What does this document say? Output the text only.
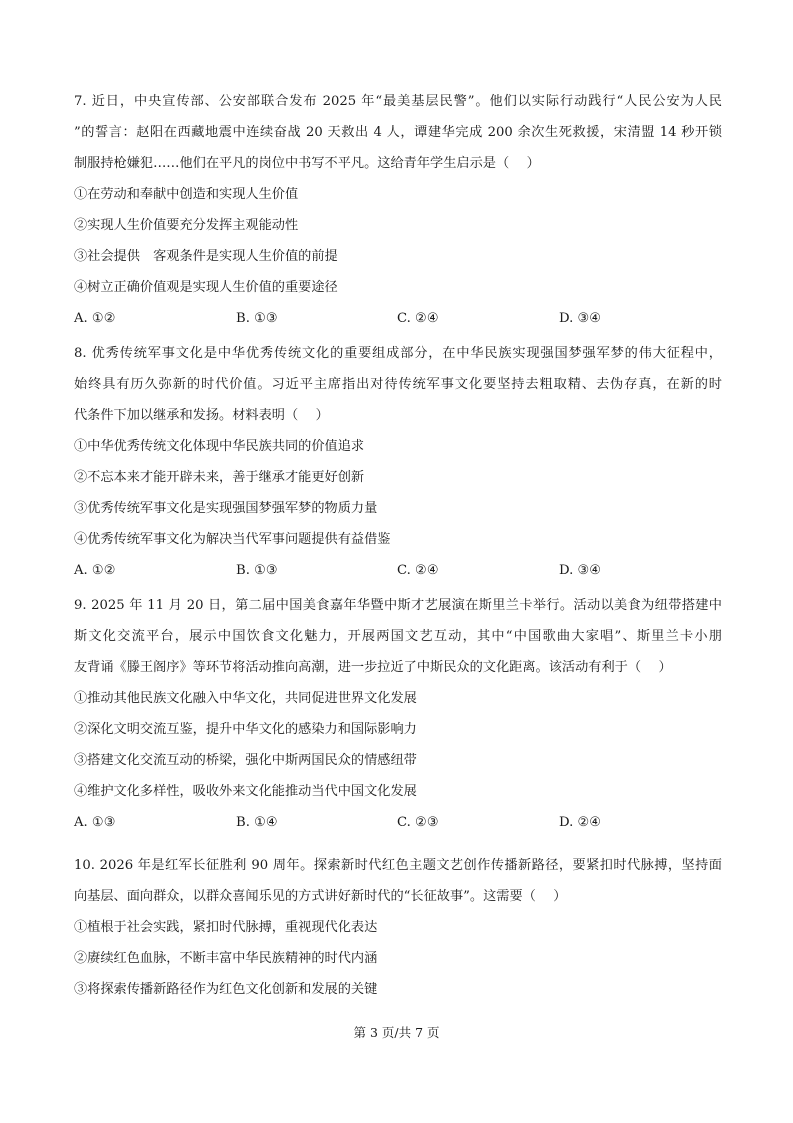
7. 近日，中央宣传部、公安部联合发布 2025 年“最美基层民警”。他们以实际行动践行“人民公安为人民
”的誓言：赵阳在西藏地震中连续奋战 20 天救出 4 人，谭建华完成 200 余次生死救援，宋清盟 14 秒开锁
制服持枪嫌犯……他们在平凡的岗位中书写不平凡。这给青年学生启示是（　 ）
①在劳动和奉献中创造和实现人生价值
②实现人生价值要充分发挥主观能动性
③社会提供　客观条件是实现人生价值的前提
④树立正确价值观是实现人生价值的重要途径
A. ①②	B. ①③	C. ②④	D. ③④
8. 优秀传统军事文化是中华优秀传统文化的重要组成部分，在中华民族实现强国梦强军梦的伟大征程中，
始终具有历久弥新的时代价值。习近平主席指出对待传统军事文化要坚持去粗取精、去伪存真，在新的时
代条件下加以继承和发扬。材料表明（　 ）
①中华优秀传统文化体现中华民族共同的价值追求
②不忘本来才能开辟未来，善于继承才能更好创新
③优秀传统军事文化是实现强国梦强军梦的物质力量
④优秀传统军事文化为解决当代军事问题提供有益借鉴
A. ①②	B. ①③	C. ②④	D. ③④
9. 2025 年 11 月 20 日，第二届中国美食嘉年华暨中斯才艺展演在斯里兰卡举行。活动以美食为纽带搭建中
斯文化交流平台，展示中国饮食文化魅力，开展两国文艺互动，其中“中国歌曲大家唱”、斯里兰卡小朋
友背诵《滕王阁序》等环节将活动推向高潮，进一步拉近了中斯民众的文化距离。该活动有利于（　 ）
①推动其他民族文化融入中华文化，共同促进世界文化发展
②深化文明交流互鉴，提升中华文化的感染力和国际影响力
③搭建文化交流互动的桥梁，强化中斯两国民众的情感纽带
④维护文化多样性，吸收外来文化能推动当代中国文化发展
A. ①③	B. ①④	C. ②③	D. ②④
10. 2026 年是红军长征胜利 90 周年。探索新时代红色主题文艺创作传播新路径，要紧扣时代脉搏，坚持面
向基层、面向群众，以群众喜闻乐见的方式讲好新时代的“长征故事”。这需要（　 ）
①植根于社会实践，紧扣时代脉搏，重视现代化表达
②赓续红色血脉，不断丰富中华民族精神的时代内涵
③将探索传播新路径作为红色文化创新和发展的关键
第 3 页/共 7 页
